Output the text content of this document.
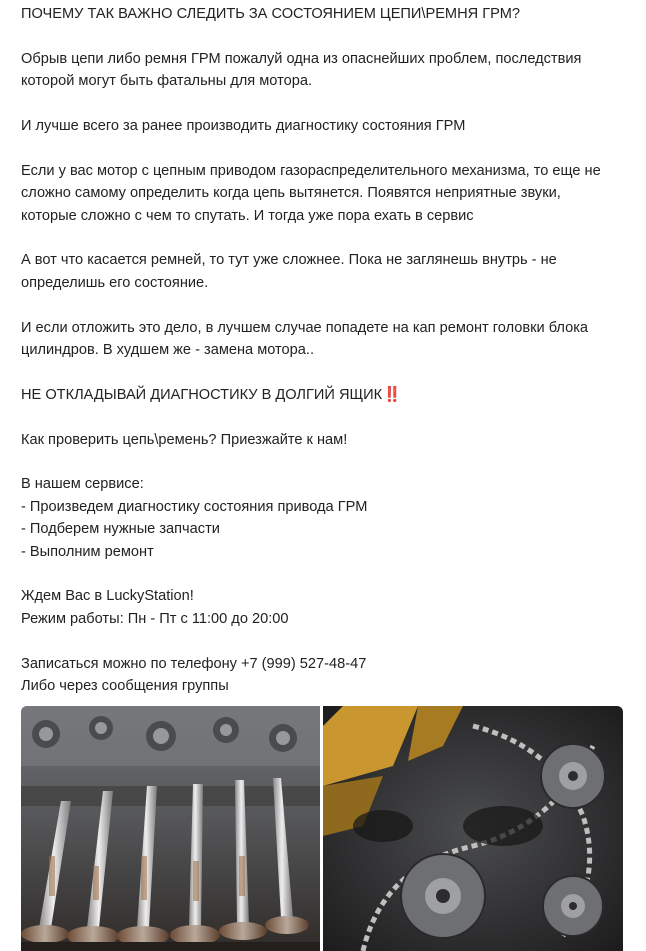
ПОЧЕМУ ТАК ВАЖНО СЛЕДИТЬ ЗА СОСТОЯНИЕМ ЦЕПИ\РЕМНЯ ГРМ?
Обрыв цепи либо ремня ГРМ пожалуй одна из опаснейших проблем, последствия
которой могут быть фатальны для мотора.
И лучше всего за ранее производить диагностику состояния ГРМ
Если у вас мотор с цепным приводом газораспределительного механизма, то еще не
сложно самому определить когда цепь вытянется. Появятся неприятные звуки,
которые сложно с чем то спутать. И тогда уже пора ехать в сервис
А вот что касается ремней, то тут уже сложнее. Пока не заглянешь внутрь - не
определишь его состояние.
И если отложить это дело, в лучшем случае попадете на кап ремонт головки блока
цилиндров. В худшем же - замена мотора..
НЕ ОТКЛАДЫВАЙ ДИАГНОСТИКУ В ДОЛГИЙ ЯЩИК‼️
Как проверить цепь\ремень? Приезжайте к нам!
В нашем сервисе:
- Произведем диагностику состояния привода ГРМ
- Подберем нужные запчасти
- Выполним ремонт
Ждем Вас в LuckyStation!
Режим работы: Пн - Пт с 11:00 до 20:00
Записаться можно по телефону +7 (999) 527-48-47
Либо через сообщения группы
